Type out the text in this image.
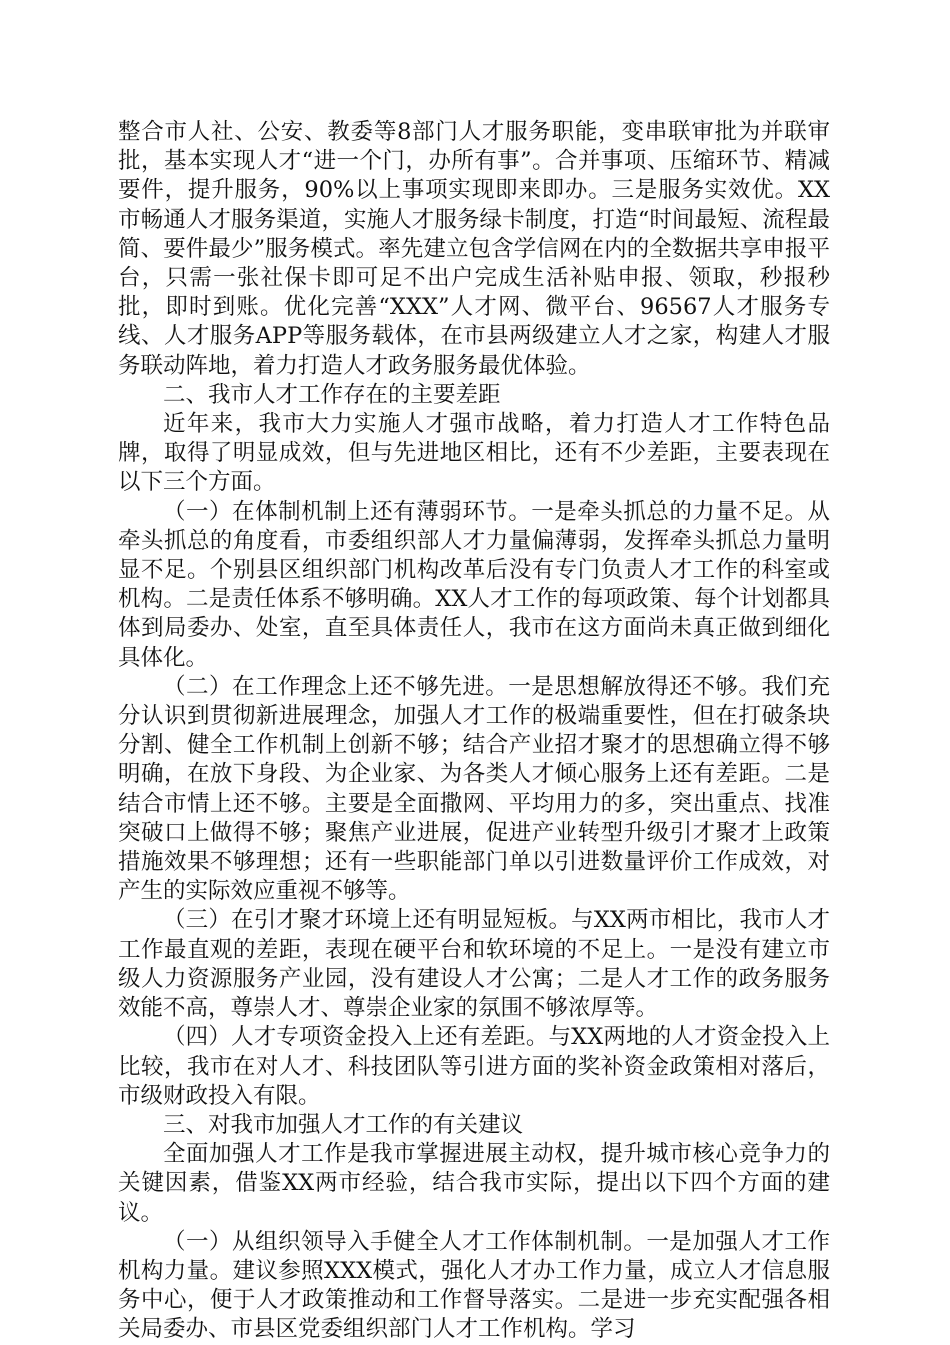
整合市人社、公安、教委等8部门人才服务职能，变串联审批为并联审批，基本实现人才“进一个门，办所有事”。合并事项、压缩环节、精减要件，提升服务，90%以上事项实现即来即办。三是服务实效优。XX市畅通人才服务渠道，实施人才服务绿卡制度，打造“时间最短、流程最简、要件最少”服务模式。率先建立包含学信网在内的全数据共享申报平台，只需一张社保卡即可足不出户完成生活补贴申报、领取，秒报秒批，即时到账。优化完善“XXX”人才网、微平台、96567人才服务专线、人才服务APP等服务载体，在市县两级建立人才之家，构建人才服务联动阵地，着力打造人才政务服务最优体验。

二、我市人才工作存在的主要差距

近年来，我市大力实施人才强市战略，着力打造人才工作特色品牌，取得了明显成效，但与先进地区相比，还有不少差距，主要表现在以下三个方面。

（一）在体制机制上还有薄弱环节。一是牵头抓总的力量不足。从牵头抓总的角度看，市委组织部人才力量偏薄弱，发挥牵头抓总力量明显不足。个别县区组织部门机构改革后没有专门负责人才工作的科室或机构。二是责任体系不够明确。XX人才工作的每项政策、每个计划都具体到局委办、处室，直至具体责任人，我市在这方面尚未真正做到细化具体化。

（二）在工作理念上还不够先进。一是思想解放得还不够。我们充分认识到贯彻新进展理念，加强人才工作的极端重要性，但在打破条块分割、健全工作机制上创新不够；结合产业招才聚才的思想确立得不够明确，在放下身段、为企业家、为各类人才倾心服务上还有差距。二是结合市情上还不够。主要是全面撒网、平均用力的多，突出重点、找准突破口上做得不够；聚焦产业进展，促进产业转型升级引才聚才上政策措施效果不够理想；还有一些职能部门单以引进数量评价工作成效，对产生的实际效应重视不够等。

（三）在引才聚才环境上还有明显短板。与XX两市相比，我市人才工作最直观的差距，表现在硬平台和软环境的不足上。一是没有建立市级人力资源服务产业园，没有建设人才公寓；二是人才工作的政务服务效能不高，尊崇人才、尊崇企业家的氛围不够浓厚等。

（四）人才专项资金投入上还有差距。与XX两地的人才资金投入上比较，我市在对人才、科技团队等引进方面的奖补资金政策相对落后，市级财政投入有限。

三、对我市加强人才工作的有关建议

全面加强人才工作是我市掌握进展主动权，提升城市核心竞争力的关键因素，借鉴XX两市经验，结合我市实际，提出以下四个方面的建议。

（一）从组织领导入手健全人才工作体制机制。一是加强人才工作机构力量。建议参照XXX模式，强化人才办工作力量，成立人才信息服务中心，便于人才政策推动和工作督导落实。二是进一步充实配强各相关局委办、市县区党委组织部门人才工作机构。学习
